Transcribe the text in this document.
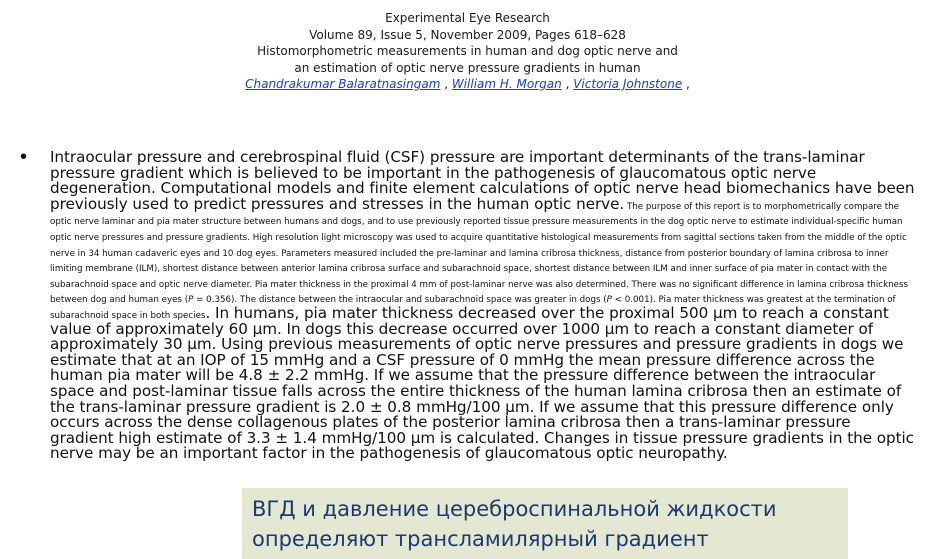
Experimental Eye Research
Volume 89, Issue 5, November 2009, Pages 618–628
Histomorphometric measurements in human and dog optic nerve and
an estimation of optic nerve pressure gradients in human
Chandrakumar Balaratnasingam , William H. Morgan , Victoria Johnstone ,
• Intraocular pressure and cerebrospinal fluid (CSF) pressure are important determinants of the trans-laminar pressure gradient which is believed to be important in the pathogenesis of glaucomatous optic nerve degeneration. Computational models and finite element calculations of optic nerve head biomechanics have been previously used to predict pressures and stresses in the human optic nerve. The purpose of this report is to morphometrically compare the optic nerve laminar and pia mater structure between humans and dogs, and to use previously reported tissue pressure measurements in the dog optic nerve to estimate individual-specific human optic nerve pressures and pressure gradients. High resolution light microscopy was used to acquire quantitative histological measurements from sagittal sections taken from the middle of the optic nerve in 34 human cadaveric eyes and 10 dog eyes. Parameters measured included the pre-laminar and lamina cribrosa thickness, distance from posterior boundary of lamina cribrosa to inner limiting membrane (ILM), shortest distance between anterior lamina cribrosa surface and subarachnoid space, shortest distance between ILM and inner surface of pia mater in contact with the subarachnoid space and optic nerve diameter. Pia mater thickness in the proximal 4 mm of post-laminar nerve was also determined. There was no significant difference in lamina cribrosa thickness between dog and human eyes (P = 0.356). The distance between the intraocular and subarachnoid space was greater in dogs (P < 0.001). Pia mater thickness was greatest at the termination of subarachnoid space in both species. In humans, pia mater thickness decreased over the proximal 500 μm to reach a constant value of approximately 60 μm. In dogs this decrease occurred over 1000 μm to reach a constant diameter of approximately 30 μm. Using previous measurements of optic nerve pressures and pressure gradients in dogs we estimate that at an IOP of 15 mmHg and a CSF pressure of 0 mmHg the mean pressure difference across the human pia mater will be 4.8 ± 2.2 mmHg. If we assume that the pressure difference between the intraocular space and post-laminar tissue falls across the entire thickness of the human lamina cribrosa then an estimate of the trans-laminar pressure gradient is 2.0 ± 0.8 mmHg/100 μm. If we assume that this pressure difference only occurs across the dense collagenous plates of the posterior lamina cribrosa then a trans-laminar pressure gradient high estimate of 3.3 ± 1.4 mmHg/100 μm is calculated. Changes in tissue pressure gradients in the optic nerve may be an important factor in the pathogenesis of glaucomatous optic neuropathy.

ВГД и давление цереброспинальной жидкости
определяют трансламилярный градиент
